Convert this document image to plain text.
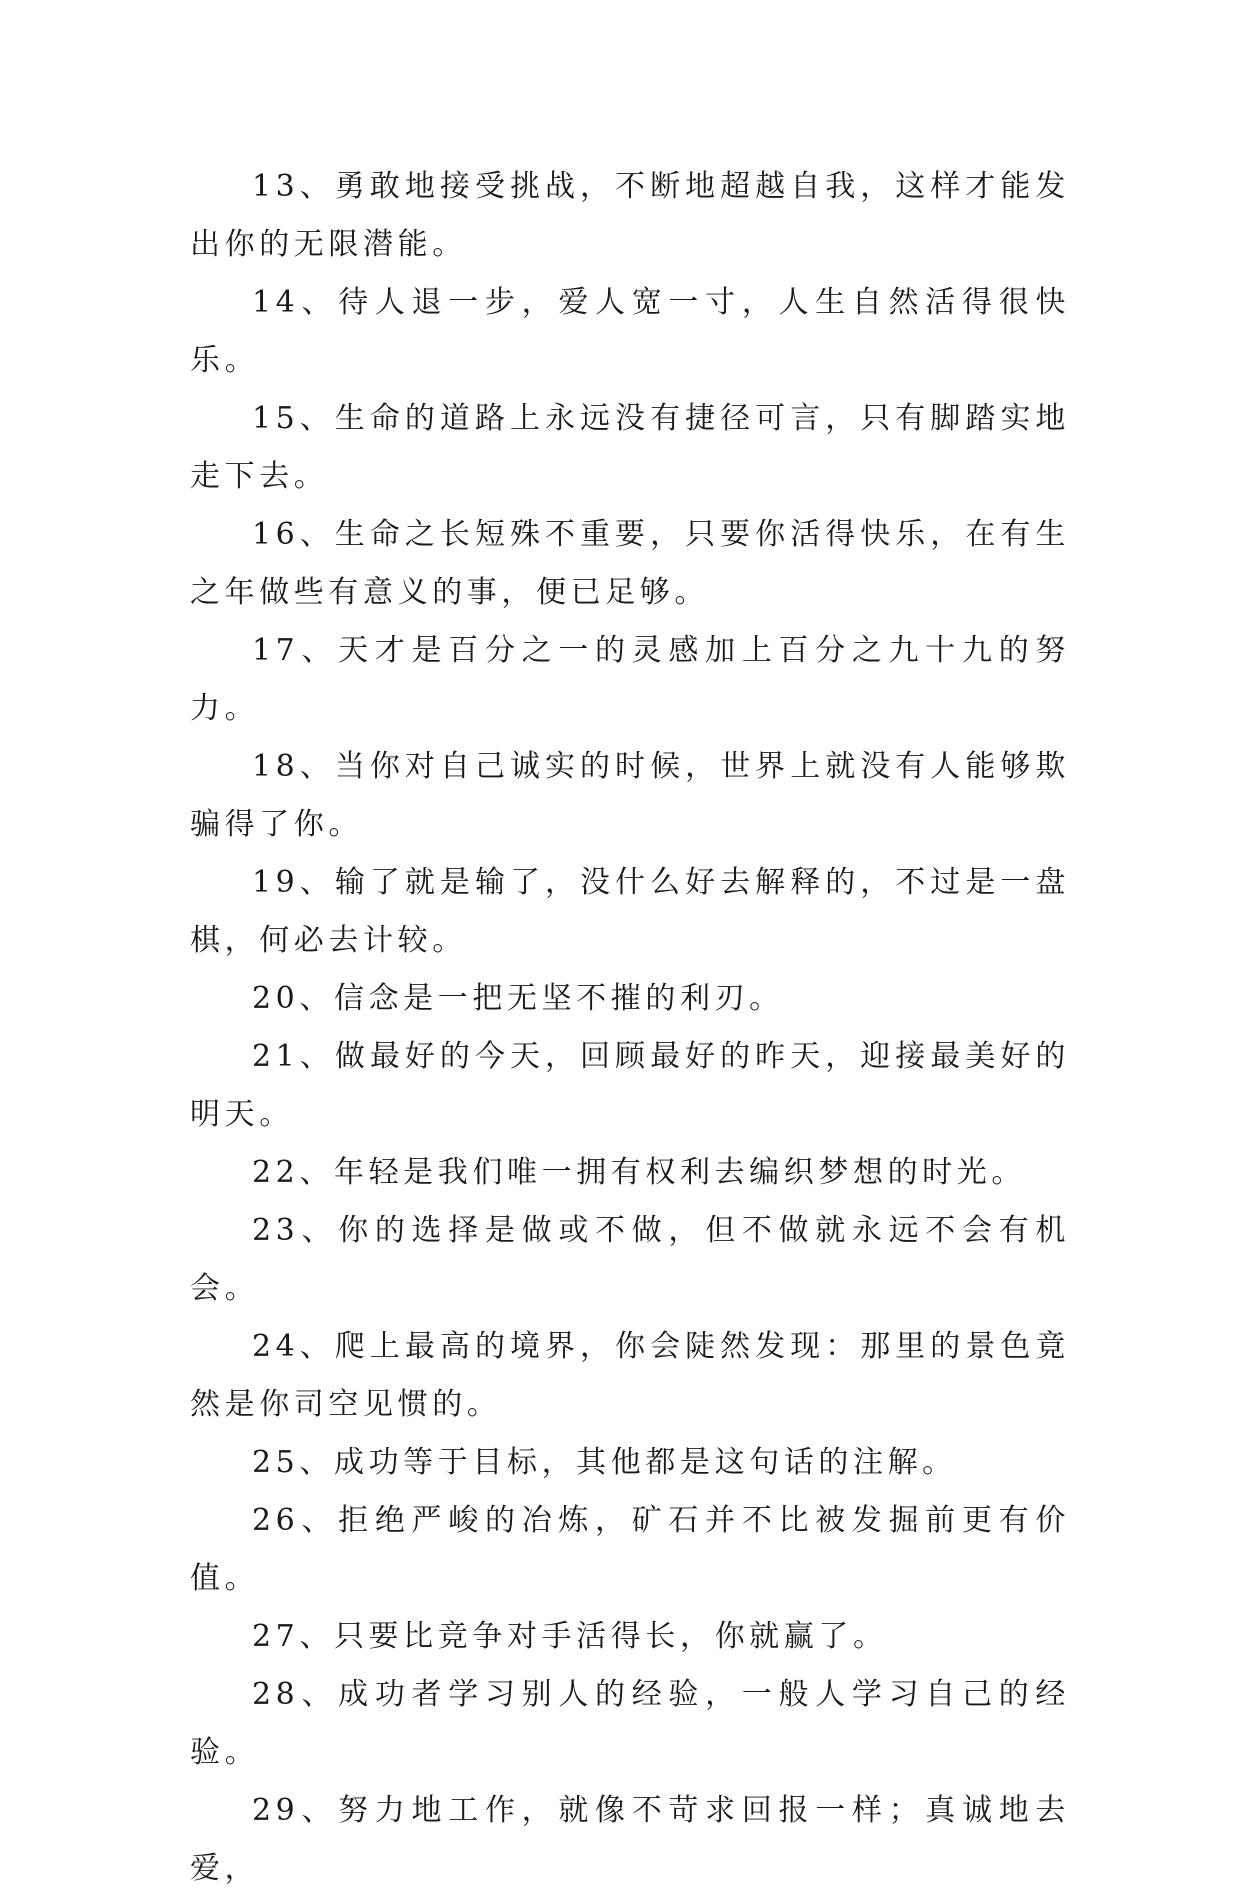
13、勇敢地接受挑战，不断地超越自我，这样才能发出你的无限潜能。

14、待人退一步，爱人宽一寸，人生自然活得很快乐。

15、生命的道路上永远没有捷径可言，只有脚踏实地走下去。

16、生命之长短殊不重要，只要你活得快乐，在有生之年做些有意义的事，便已足够。

17、天才是百分之一的灵感加上百分之九十九的努力。

18、当你对自己诚实的时候，世界上就没有人能够欺骗得了你。

19、输了就是输了，没什么好去解释的，不过是一盘棋，何必去计较。

20、信念是一把无坚不摧的利刃。

21、做最好的今天，回顾最好的昨天，迎接最美好的明天。

22、年轻是我们唯一拥有权利去编织梦想的时光。

23、你的选择是做或不做，但不做就永远不会有机会。

24、爬上最高的境界，你会陡然发现：那里的景色竟然是你司空见惯的。

25、成功等于目标，其他都是这句话的注解。

26、拒绝严峻的冶炼，矿石并不比被发掘前更有价值。

27、只要比竞争对手活得长，你就赢了。

28、成功者学习别人的经验，一般人学习自己的经验。

29、努力地工作，就像不苛求回报一样；真诚地去爱，
